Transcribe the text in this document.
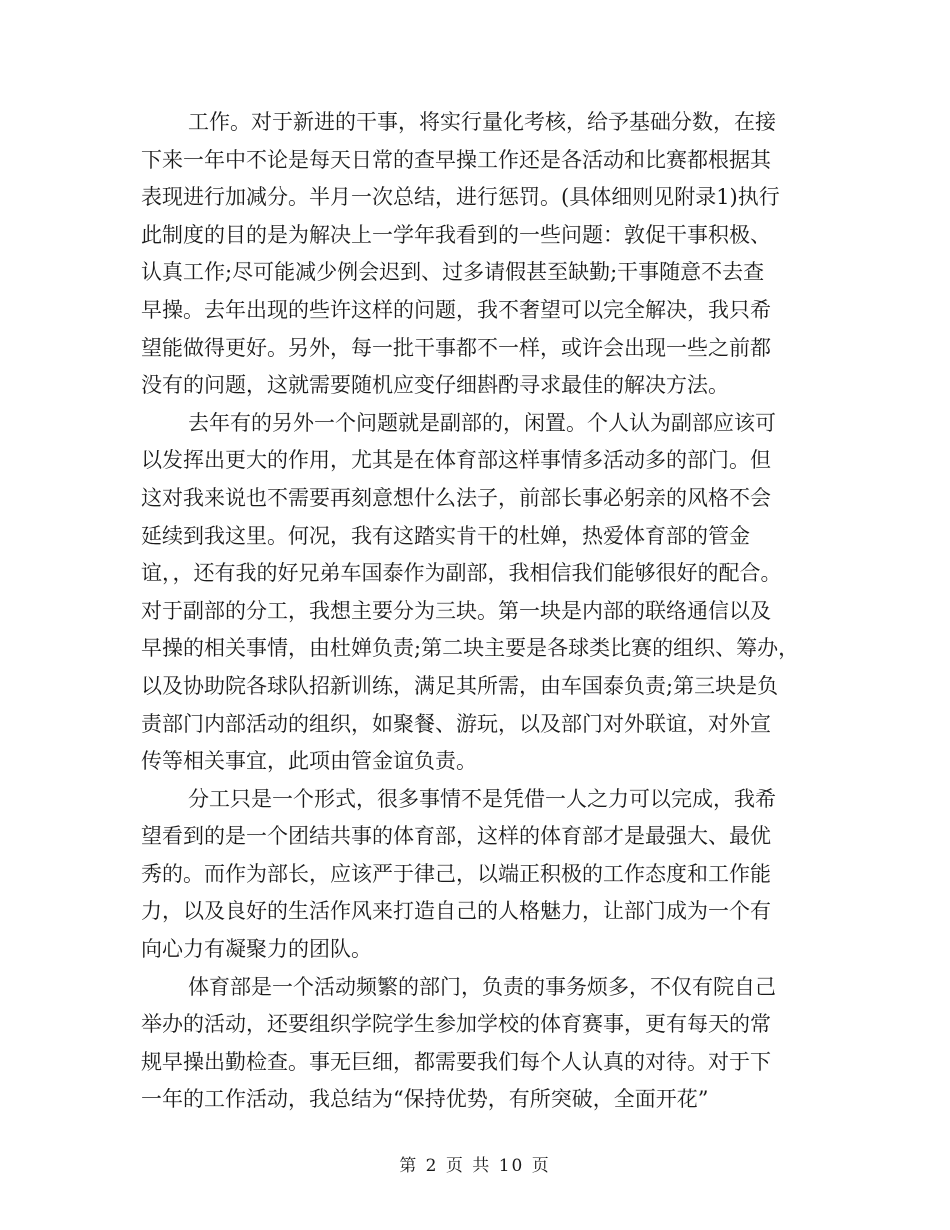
工作。对于新进的干事，将实行量化考核，给予基础分数，在接
下来一年中不论是每天日常的查早操工作还是各活动和比赛都根据其
表现进行加减分。半月一次总结，进行惩罚。(具体细则见附录1)执行
此制度的目的是为解决上一学年我看到的一些问题：敦促干事积极、
认真工作;尽可能减少例会迟到、过多请假甚至缺勤;干事随意不去查
早操。去年出现的些许这样的问题，我不奢望可以完全解决，我只希
望能做得更好。另外，每一批干事都不一样，或许会出现一些之前都
没有的问题，这就需要随机应变仔细斟酌寻求最佳的解决方法。
去年有的另外一个问题就是副部的，闲置。个人认为副部应该可
以发挥出更大的作用，尤其是在体育部这样事情多活动多的部门。但
这对我来说也不需要再刻意想什么法子，前部长事必躬亲的风格不会
延续到我这里。何况，我有这踏实肯干的杜婵，热爱体育部的管金
谊，，还有我的好兄弟车国泰作为副部，我相信我们能够很好的配合。
对于副部的分工，我想主要分为三块。第一块是内部的联络通信以及
早操的相关事情，由杜婵负责;第二块主要是各球类比赛的组织、筹办，
以及协助院各球队招新训练，满足其所需，由车国泰负责;第三块是负
责部门内部活动的组织，如聚餐、游玩，以及部门对外联谊，对外宣
传等相关事宜，此项由管金谊负责。
分工只是一个形式，很多事情不是凭借一人之力可以完成，我希
望看到的是一个团结共事的体育部，这样的体育部才是最强大、最优
秀的。而作为部长，应该严于律己，以端正积极的工作态度和工作能
力，以及良好的生活作风来打造自己的人格魅力，让部门成为一个有
向心力有凝聚力的团队。
体育部是一个活动频繁的部门，负责的事务烦多，不仅有院自己
举办的活动，还要组织学院学生参加学校的体育赛事，更有每天的常
规早操出勤检查。事无巨细，都需要我们每个人认真的对待。对于下
一年的工作活动，我总结为“保持优势，有所突破，全面开花”
第 2 页 共 10 页
